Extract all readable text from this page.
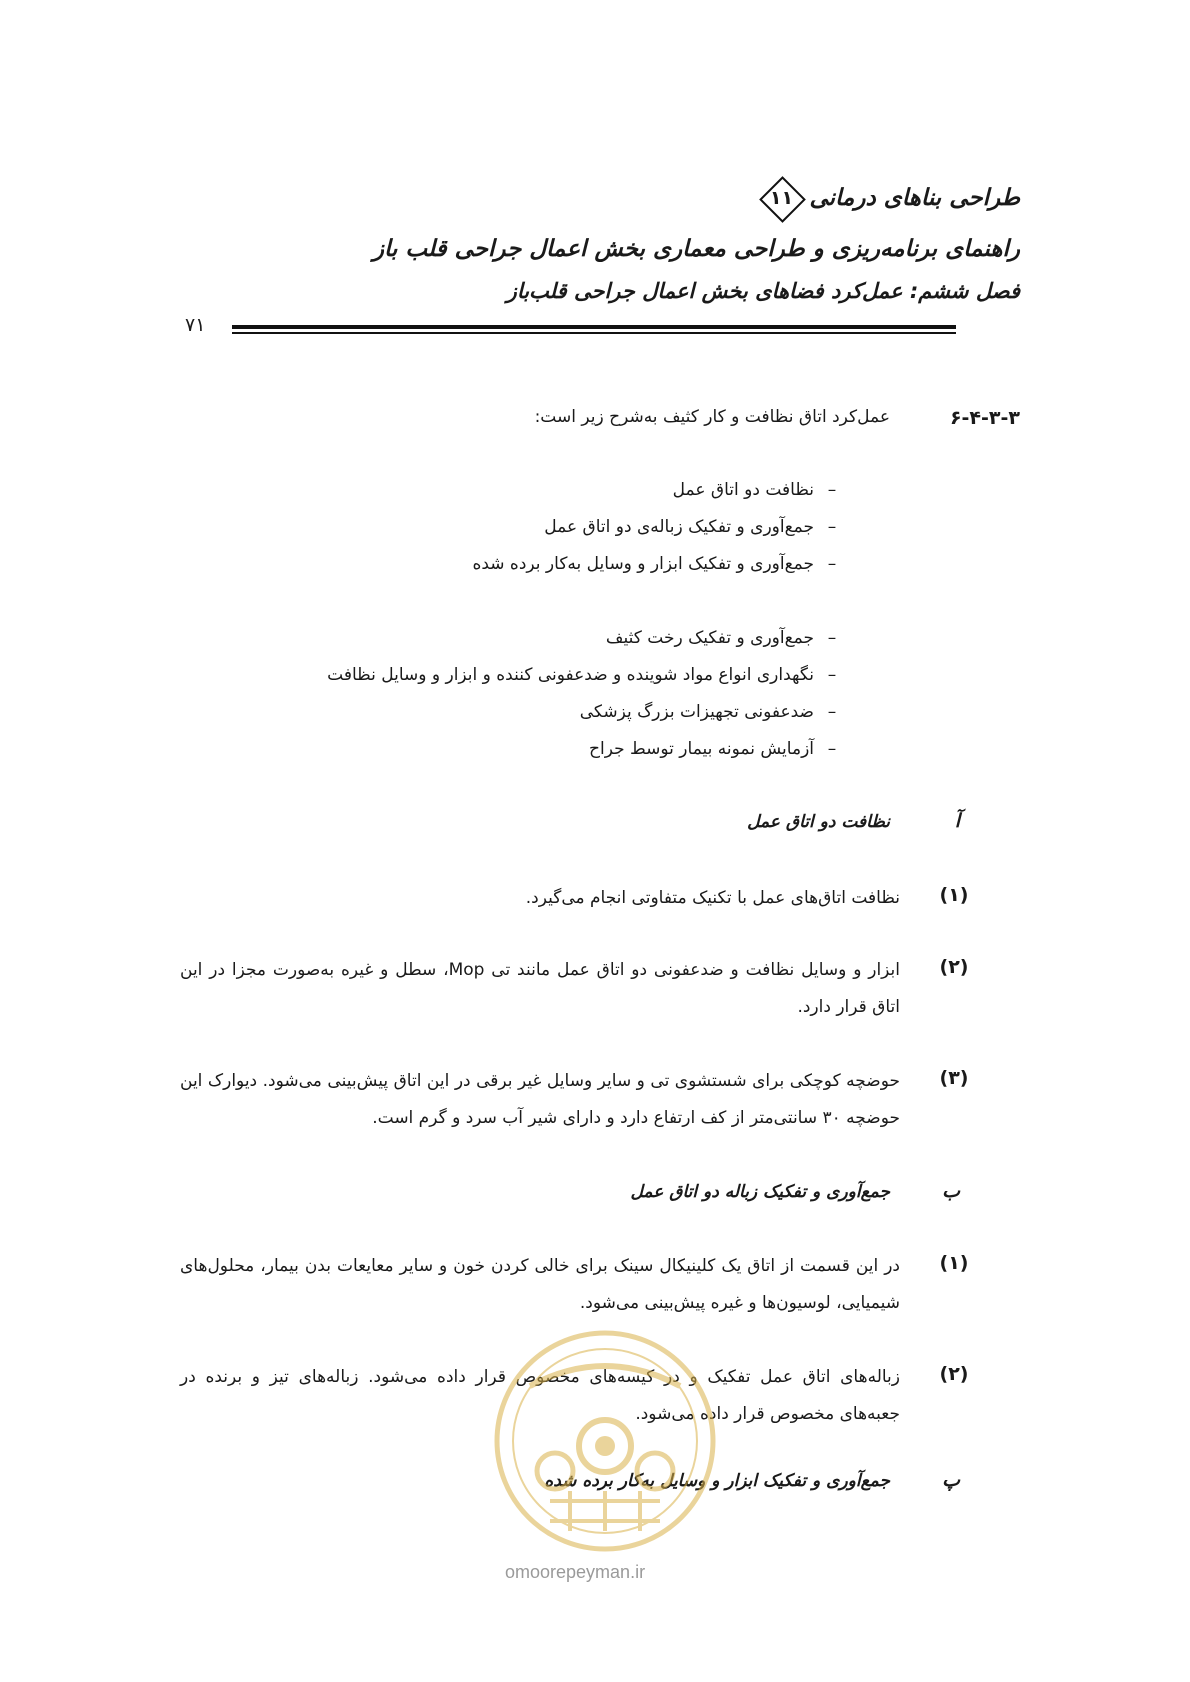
طراحی بناهای درمانی
۱۱
راهنمای برنامه‌ریزی و طراحی معماری بخش اعمال جراحی قلب باز
فصل ششم: عمل‌کرد فضاهای بخش اعمال جراحی قلب‌باز
۷۱
۶-۴-۳-۳
عمل‌کرد اتاق نظافت و کار کثیف به‌شرح زیر است:
–نظافت دو اتاق عمل
–جمع‌آوری و تفکیک زباله‌ی دو اتاق عمل
–جمع‌آوری و تفکیک ابزار و وسایل به‌کار برده شده
–جمع‌آوری و تفکیک رخت کثیف
–نگهداری انواع مواد شوینده و ضدعفونی کننده و ابزار و وسایل نظافت
–ضدعفونی تجهیزات بزرگ پزشکی
–آزمایش نمونه بیمار توسط جراح
آ
نظافت دو اتاق عمل
(۱)
نظافت اتاق‌های عمل با تکنیک متفاوتی انجام می‌گیرد.
(۲)
ابزار و وسایل نظافت و ضدعفونی دو اتاق عمل مانند تی Mop، سطل و غیره به‌صورت مجزا در این اتاق قرار دارد.
(۳)
حوضچه کوچکی برای شستشوی تی و سایر وسایل غیر برقی در این اتاق پیش‌بینی می‌شود. دیوارک این حوضچه ۳۰ سانتی‌متر از کف ارتفاع دارد و دارای شیر آب سرد و گرم است.
ب
جمع‌آوری و تفکیک زباله دو اتاق عمل
(۱)
در این قسمت از اتاق یک کلینیکال سینک برای خالی کردن خون و سایر معایعات بدن بیمار، محلول‌های شیمیایی، لوسیون‌ها و غیره پیش‌بینی می‌شود.
(۲)
زباله‌های اتاق عمل تفکیک و در کیسه‌های مخصوص قرار داده می‌شود. زباله‌های تیز و برنده در جعبه‌های مخصوص قرار داده می‌شود.
پ
جمع‌آوری و تفکیک ابزار و وسایل به‌کار برده شده
omoorepeyman.ir
